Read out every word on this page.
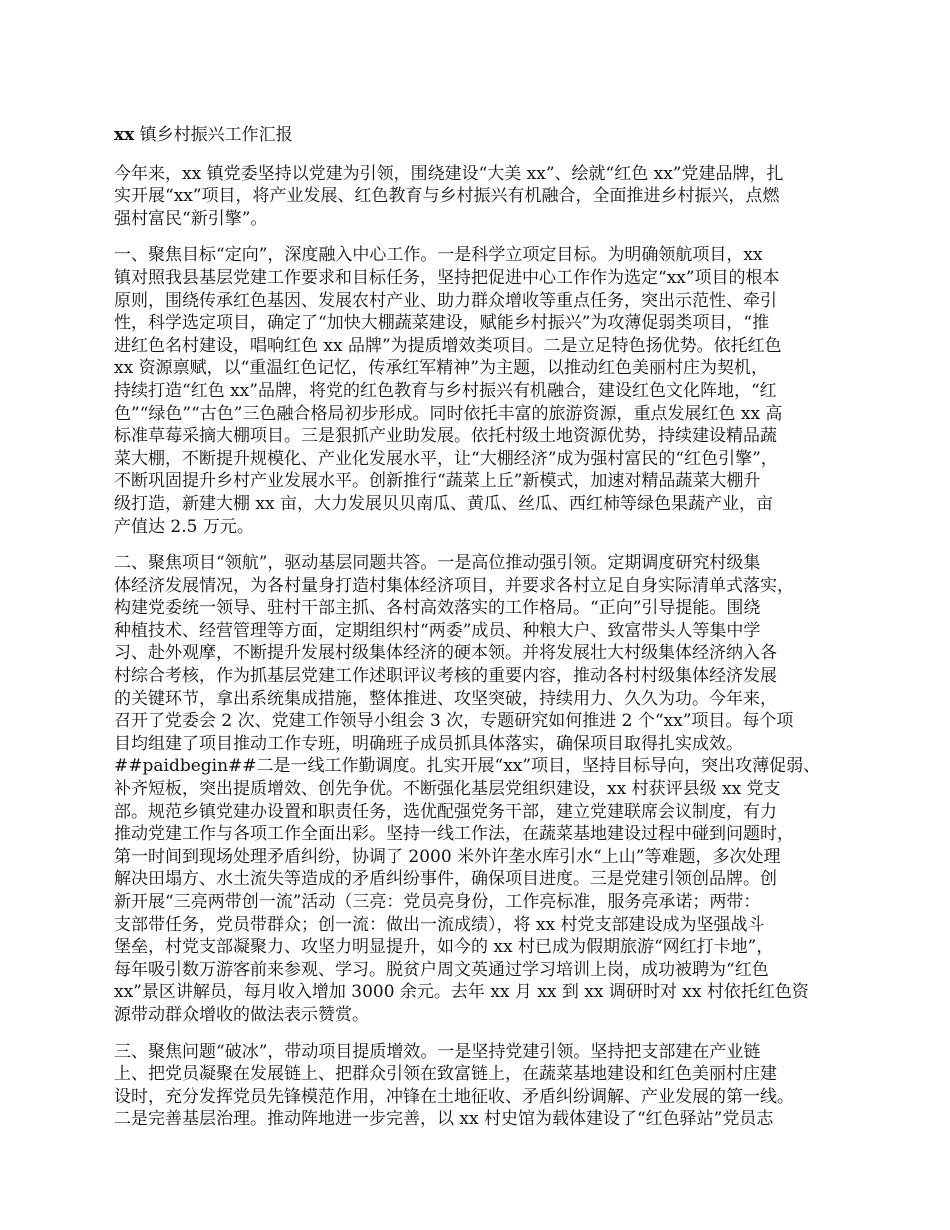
xx 镇乡村振兴工作汇报

今年来，xx 镇党委坚持以党建为引领，围绕建设“大美 xx”、绘就“红色 xx”党建品牌，扎
实开展“xx”项目，将产业发展、红色教育与乡村振兴有机融合，全面推进乡村振兴，点燃
强村富民“新引擎”。

一、聚焦目标“定向”，深度融入中心工作。一是科学立项定目标。为明确领航项目，xx
镇对照我县基层党建工作要求和目标任务，坚持把促进中心工作作为选定“xx”项目的根本
原则，围绕传承红色基因、发展农村产业、助力群众增收等重点任务，突出示范性、牵引
性，科学选定项目，确定了“加快大棚蔬菜建设，赋能乡村振兴”为攻薄促弱类项目，“推
进红色名村建设，唱响红色 xx 品牌”为提质增效类项目。二是立足特色扬优势。依托红色
xx 资源禀赋，以“重温红色记忆，传承红军精神”为主题，以推动红色美丽村庄为契机，
持续打造“红色 xx”品牌，将党的红色教育与乡村振兴有机融合，建设红色文化阵地，“红
色”“绿色”“古色”三色融合格局初步形成。同时依托丰富的旅游资源，重点发展红色 xx 高
标准草莓采摘大棚项目。三是狠抓产业助发展。依托村级土地资源优势，持续建设精品蔬
菜大棚，不断提升规模化、产业化发展水平，让“大棚经济”成为强村富民的“红色引擎”，
不断巩固提升乡村产业发展水平。创新推行“蔬菜上丘”新模式，加速对精品蔬菜大棚升
级打造，新建大棚 xx 亩，大力发展贝贝南瓜、黄瓜、丝瓜、西红柿等绿色果蔬产业，亩
产值达 2.5 万元。

二、聚焦项目“领航”，驱动基层同题共答。一是高位推动强引领。定期调度研究村级集
体经济发展情况，为各村量身打造村集体经济项目，并要求各村立足自身实际清单式落实，
构建党委统一领导、驻村干部主抓、各村高效落实的工作格局。“正向”引导提能。围绕
种植技术、经营管理等方面，定期组织村“两委”成员、种粮大户、致富带头人等集中学
习、赴外观摩，不断提升发展村级集体经济的硬本领。并将发展壮大村级集体经济纳入各
村综合考核，作为抓基层党建工作述职评议考核的重要内容，推动各村村级集体经济发展
的关键环节，拿出系统集成措施，整体推进、攻坚突破，持续用力、久久为功。今年来，
召开了党委会 2 次、党建工作领导小组会 3 次，专题研究如何推进 2 个“xx”项目。每个项
目均组建了项目推动工作专班，明确班子成员抓具体落实，确保项目取得扎实成效。
##paidbegin##二是一线工作勤调度。扎实开展“xx”项目，坚持目标导向，突出攻薄促弱、
补齐短板，突出提质增效、创先争优。不断强化基层党组织建设，xx 村获评县级 xx 党支
部。规范乡镇党建办设置和职责任务，选优配强党务干部，建立党建联席会议制度，有力
推动党建工作与各项工作全面出彩。坚持一线工作法，在蔬菜基地建设过程中碰到问题时，
第一时间到现场处理矛盾纠纷，协调了 2000 米外许垄水库引水“上山”等难题，多次处理
解决田塌方、水土流失等造成的矛盾纠纷事件，确保项目进度。三是党建引领创品牌。创
新开展“三亮两带创一流”活动（三亮：党员亮身份，工作亮标准，服务亮承诺；两带：
支部带任务，党员带群众；创一流：做出一流成绩），将 xx 村党支部建设成为坚强战斗
堡垒，村党支部凝聚力、攻坚力明显提升，如今的 xx 村已成为假期旅游“网红打卡地”，
每年吸引数万游客前来参观、学习。脱贫户周文英通过学习培训上岗，成功被聘为“红色
xx”景区讲解员，每月收入增加 3000 余元。去年 xx 月 xx 到 xx 调研时对 xx 村依托红色资
源带动群众增收的做法表示赞赏。

三、聚焦问题“破冰”，带动项目提质增效。一是坚持党建引领。坚持把支部建在产业链
上、把党员凝聚在发展链上、把群众引领在致富链上，在蔬菜基地建设和红色美丽村庄建
设时，充分发挥党员先锋模范作用，冲锋在土地征收、矛盾纠纷调解、产业发展的第一线。
二是完善基层治理。推动阵地进一步完善，以 xx 村史馆为载体建设了“红色驿站”党员志
